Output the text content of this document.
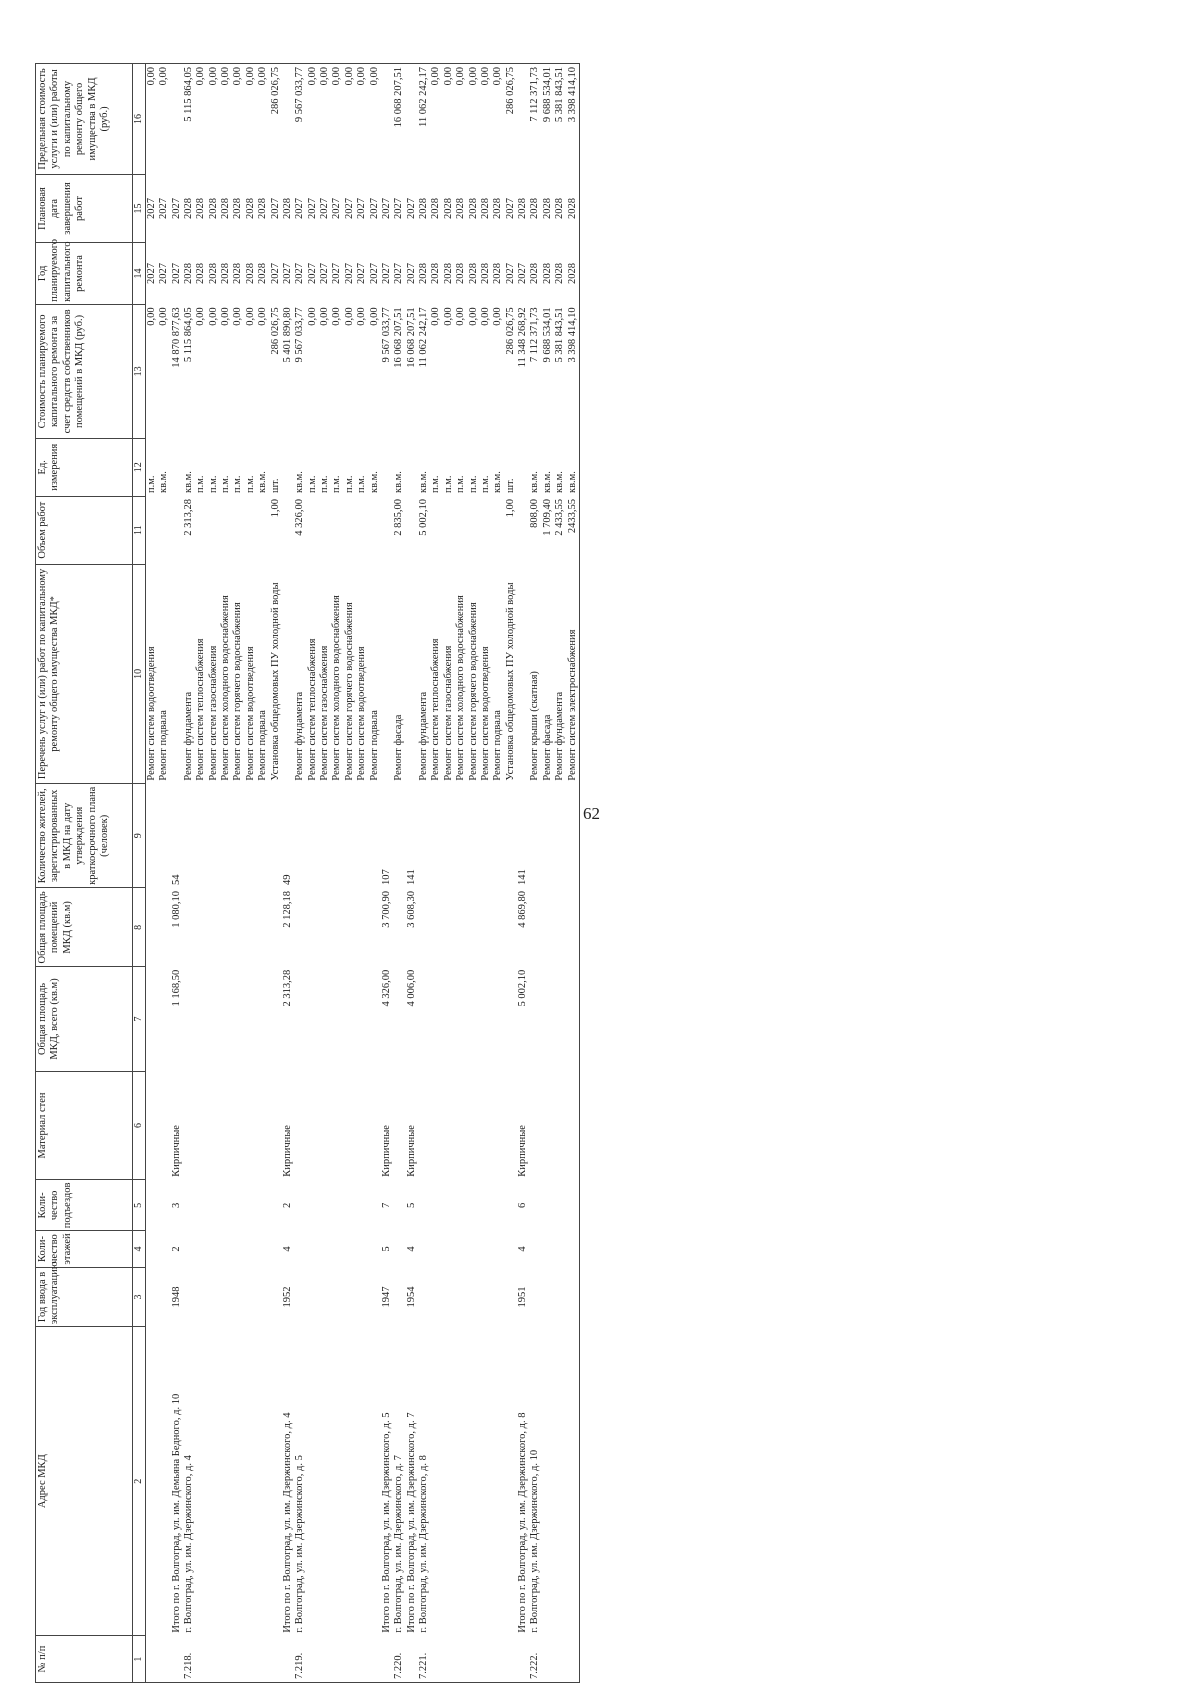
62
№ п/п	Адрес МКД	Год ввода в эксплуатацию	Коли-чество этажей	Коли-чество подъездов	Материал стен	Общая площадь МКД, всего (кв.м)	Общая площадь помещений МКД (кв.м)	Количество жителей, зарегистрированных в МКД на дату утверждения краткосрочного плана (человек)	Перечень услуг и (или) работ по капитальному ремонту общего имущества МКД*	Объем работ	Ед. измерения	Стоимость планируемого капитального ремонта за счет средств собственников помещений в МКД (руб.)	Год планируемого капитального ремонта	Плановая дата завершения работ	Предельная стоимость услуги и (или) работы по капитальному ремонту общего имущества в МКД (руб.)
1	2	3	4	5	6	7	8	9	10	11	12	13	14	15	16
									Ремонт систем водоотведения		п.м.	0,00	2027	2027	0,00
									Ремонт подвала		кв.м.	0,00	2027	2027	0,00
	Итого по г. Волгоград, ул. им. Демьяна Бедного, д. 10	1948	2	3	Кирпичные	1 168,50	1 080,10	54				14 870 877,63	2027	2027	
7.218.	г. Волгоград, ул. им. Дзержинского, д. 4								Ремонт фундамента	2 313,28	кв.м.	5 115 864,05	2028	2028	5 115 864,05
									Ремонт систем теплоснабжения		п.м.	0,00	2028	2028	0,00
									Ремонт систем газоснабжения		п.м.	0,00	2028	2028	0,00
									Ремонт систем холодного водоснабжения		п.м.	0,00	2028	2028	0,00
									Ремонт систем горячего водоснабжения		п.м.	0,00	2028	2028	0,00
									Ремонт систем водоотведения		п.м.	0,00	2028	2028	0,00
									Ремонт подвала		кв.м.	0,00	2028	2028	0,00
									Установка общедомовых ПУ холодной воды	1,00	шт.	286 026,75	2027	2027	286 026,75
	Итого по г. Волгоград, ул. им. Дзержинского, д. 4	1952	4	2	Кирпичные	2 313,28	2 128,18	49				5 401 890,80	2027	2028	
7.219.	г. Волгоград, ул. им. Дзержинского, д. 5								Ремонт фундамента	4 326,00	кв.м.	9 567 033,77	2027	2027	9 567 033,77
									Ремонт систем теплоснабжения		п.м.	0,00	2027	2027	0,00
									Ремонт систем газоснабжения		п.м.	0,00	2027	2027	0,00
									Ремонт систем холодного водоснабжения		п.м.	0,00	2027	2027	0,00
									Ремонт систем горячего водоснабжения		п.м.	0,00	2027	2027	0,00
									Ремонт систем водоотведения		п.м.	0,00	2027	2027	0,00
									Ремонт подвала		кв.м.	0,00	2027	2027	0,00
	Итого по г. Волгоград, ул. им. Дзержинского, д. 5	1947	5	7	Кирпичные	4 326,00	3 700,90	107				9 567 033,77	2027	2027	
7.220.	г. Волгоград, ул. им. Дзержинского, д. 7								Ремонт фасада	2 835,00	кв.м.	16 068 207,51	2027	2027	16 068 207,51
	Итого по г. Волгоград, ул. им. Дзержинского, д. 7	1954	4	5	Кирпичные	4 006,00	3 608,30	141				16 068 207,51	2027	2027	
7.221.	г. Волгоград, ул. им. Дзержинского, д. 8								Ремонт фундамента	5 002,10	кв.м.	11 062 242,17	2028	2028	11 062 242,17
									Ремонт систем теплоснабжения		п.м.	0,00	2028	2028	0,00
									Ремонт систем газоснабжения		п.м.	0,00	2028	2028	0,00
									Ремонт систем холодного водоснабжения		п.м.	0,00	2028	2028	0,00
									Ремонт систем горячего водоснабжения		п.м.	0,00	2028	2028	0,00
									Ремонт систем водоотведения		п.м.	0,00	2028	2028	0,00
									Ремонт подвала		кв.м.	0,00	2028	2028	0,00
									Установка общедомовых ПУ холодной воды	1,00	шт.	286 026,75	2027	2027	286 026,75
	Итого по г. Волгоград, ул. им. Дзержинского, д. 8	1951	4	6	Кирпичные	5 002,10	4 869,80	141				11 348 268,92	2027	2028	
7.222.	г. Волгоград, ул. им. Дзержинского, д. 10								Ремонт крыши (скатная)	808,00	кв.м.	7 112 371,73	2028	2028	7 112 371,73
									Ремонт фасада	1 709,40	кв.м.	9 688 534,01	2028	2028	9 688 534,01
									Ремонт фундамента	2 433,55	кв.м.	5 381 843,51	2028	2028	5 381 843,51
									Ремонт систем электроснабжения	2433,55	кв.м.	3 398 414,10	2028	2028	3 398 414,10
